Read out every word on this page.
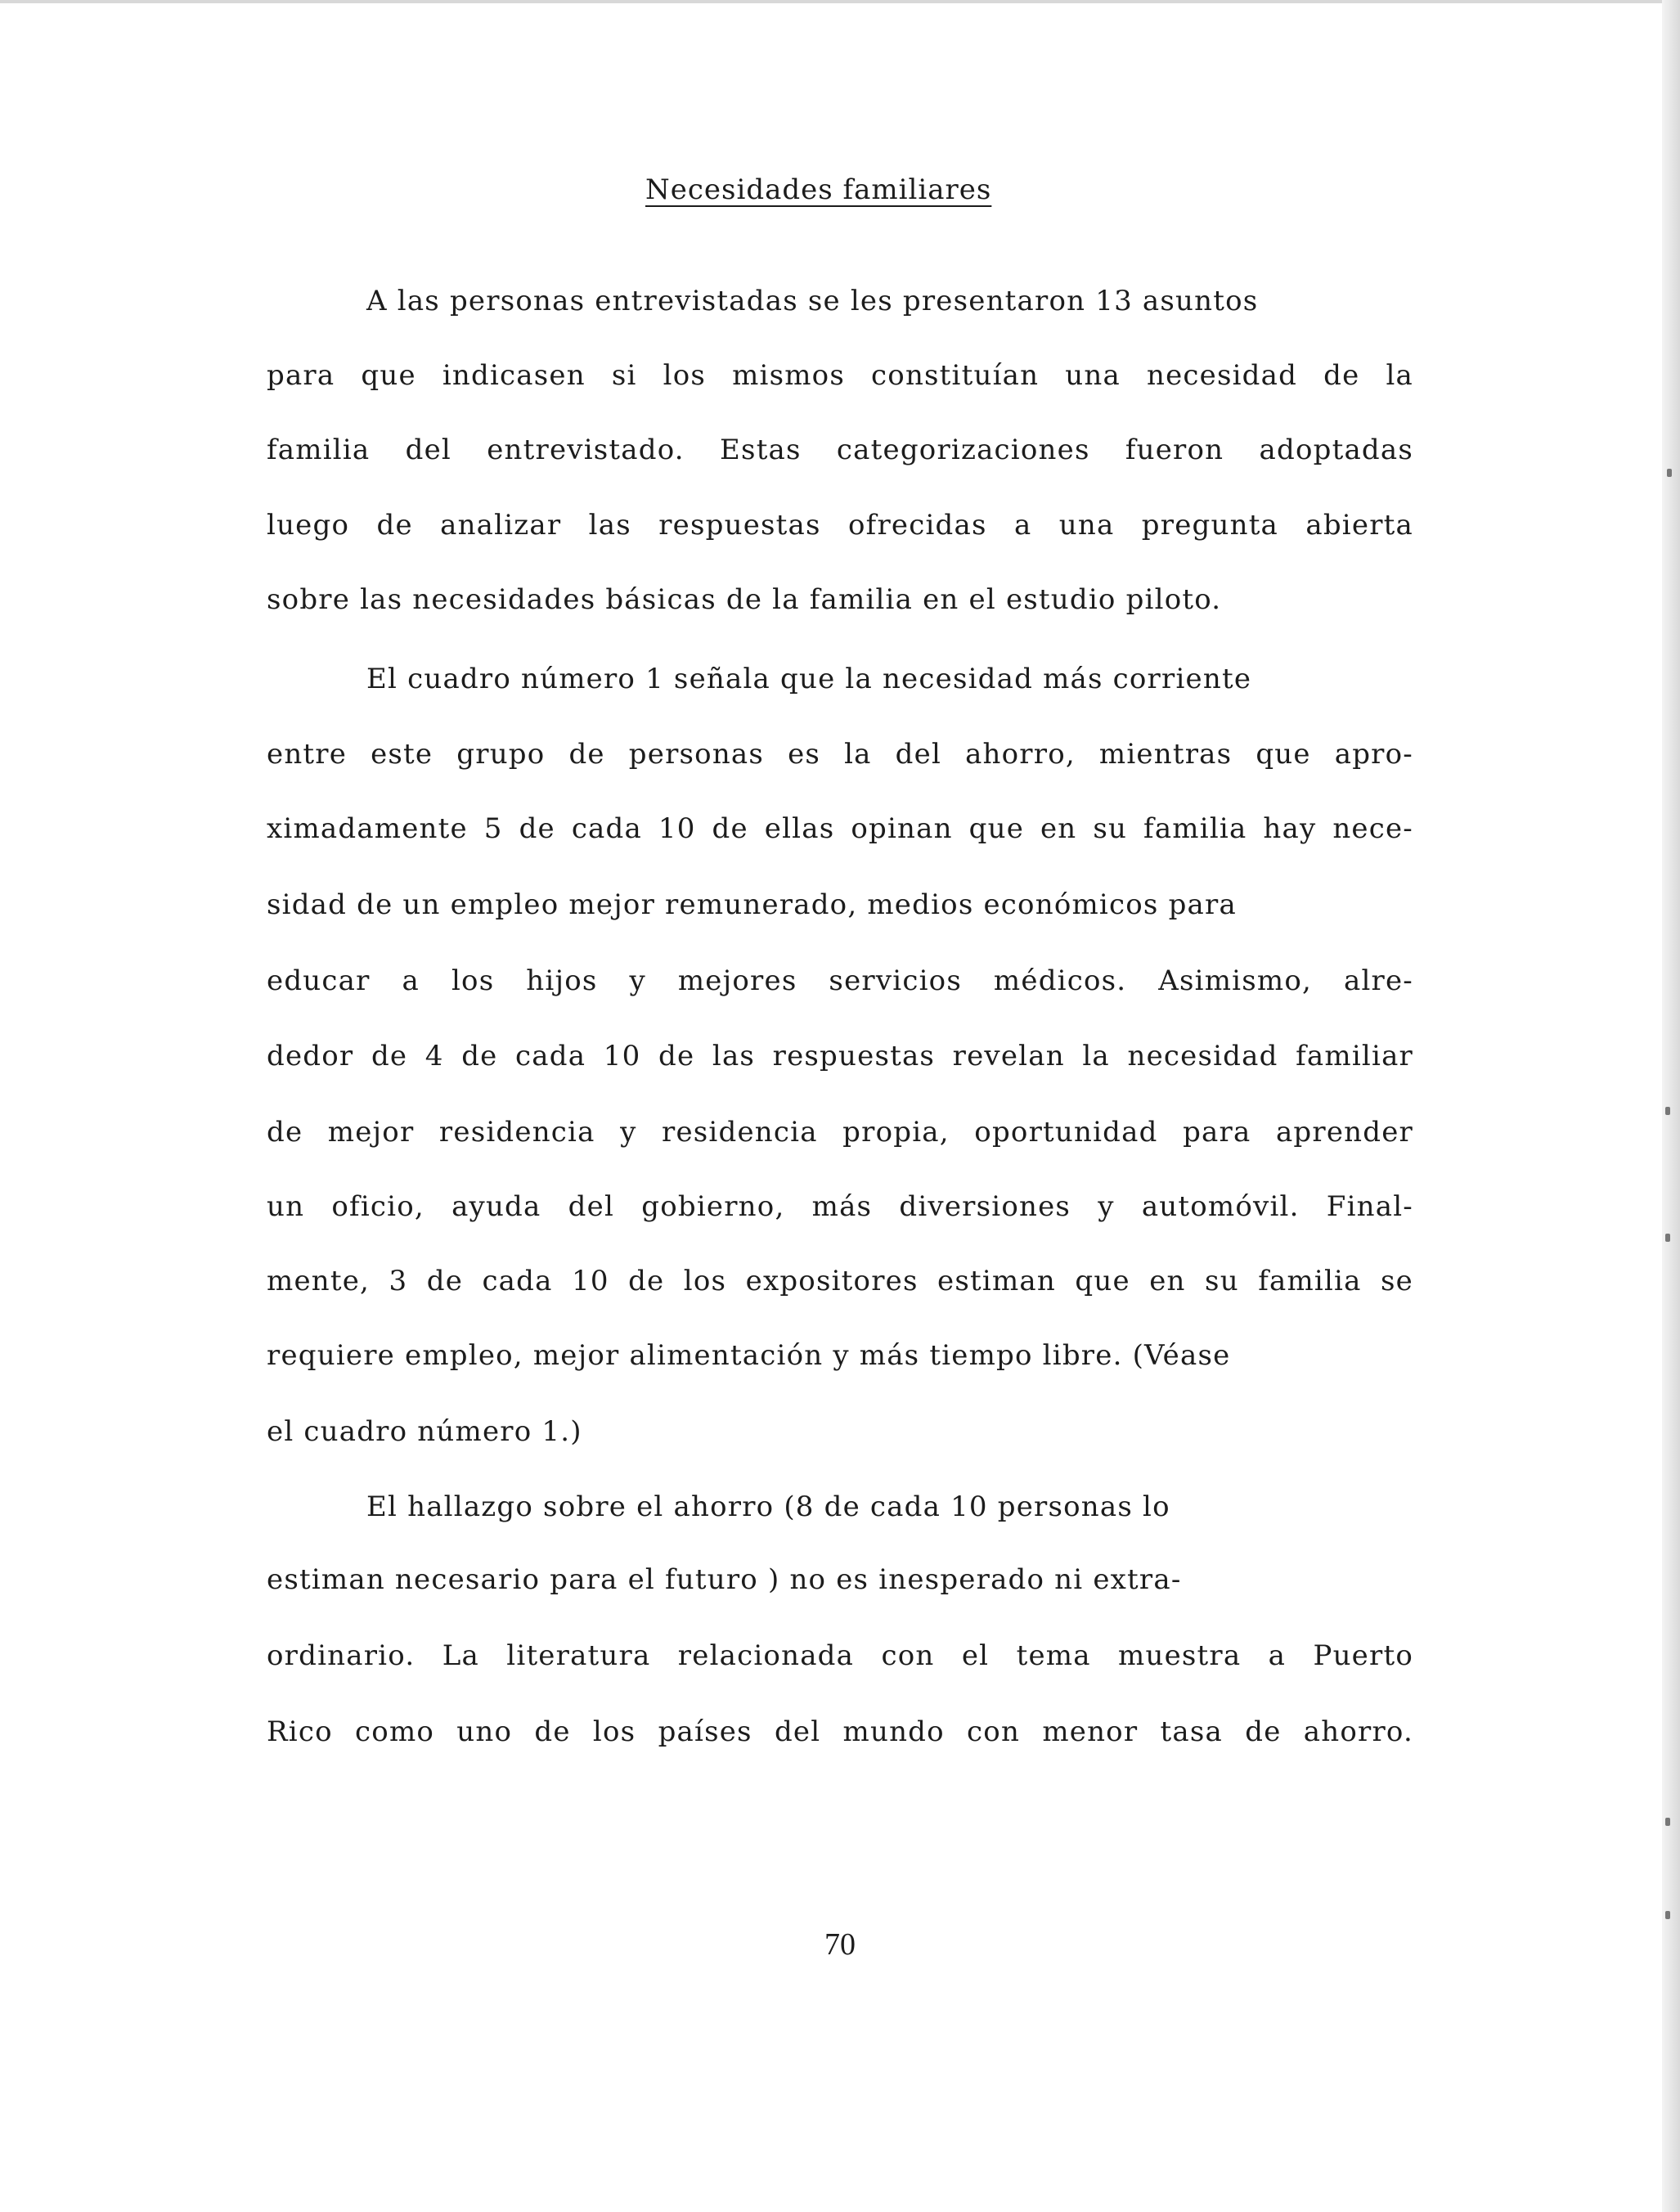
Necesidades familiares
A las personas entrevistadas se les presentaron 13 asuntos
para que indicasen si los mismos constituían una necesidad de la
familia del entrevistado. Estas categorizaciones fueron adoptadas
luego de analizar las respuestas ofrecidas a una pregunta abierta
sobre las necesidades básicas de la familia en el estudio piloto.
El cuadro número 1 señala que la necesidad más corriente
entre este grupo de personas es la del ahorro, mientras que apro-
ximadamente 5 de cada 10 de ellas opinan que en su familia hay nece-
sidad de un empleo mejor remunerado, medios económicos para
educar a los hijos y mejores servicios médicos. Asimismo, alre-
dedor de 4 de cada 10 de las respuestas revelan la necesidad familiar
de mejor residencia y residencia propia, oportunidad para aprender
un oficio, ayuda del gobierno, más diversiones y automóvil. Final-
mente, 3 de cada 10 de los expositores estiman que en su familia se
requiere empleo, mejor alimentación y más tiempo libre. (Véase
el cuadro número 1.)
El hallazgo sobre el ahorro (8 de cada 10 personas lo
estiman necesario para el futuro ) no es inesperado ni extra-
ordinario. La literatura relacionada con el tema muestra a Puerto
Rico como uno de los países del mundo con menor tasa de ahorro.
70
